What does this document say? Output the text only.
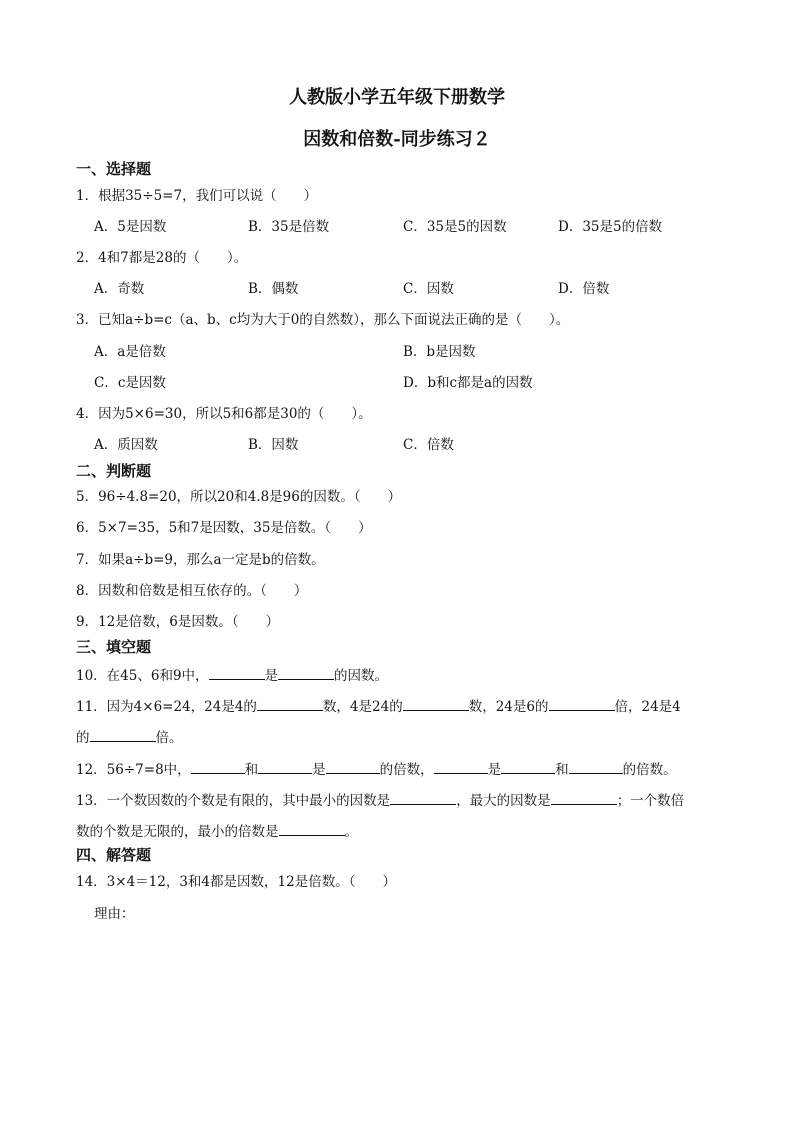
人教版小学五年级下册数学
因数和倍数-同步练习２
一、选择题
1．根据35÷5=7，我们可以说（　　）
A．5是因数	B．35是倍数	C．35是5的因数	D．35是5的倍数
2．4和7都是28的（　　）。
A．奇数	B．偶数	C．因数	D．倍数
3．已知a÷b=c（a、b、c均为大于0的自然数），那么下面说法正确的是（　　）。
A．a是倍数	B．b是因数
C．c是因数	D．b和c都是a的因数
4．因为5×6=30，所以5和6都是30的（　　）。
A．质因数	B．因数	C．倍数
二、判断题
5．96÷4.8=20，所以20和4.8是96的因数。（　　）
6．5×7=35，5和7是因数，35是倍数。（　　）
7．如果a÷b=9，那么a一定是b的倍数。
8．因数和倍数是相互依存的。（　　）
9．12是倍数，6是因数。（　　）
三、填空题
10．在45、6和9中，	是	的因数。
11．因为4×6=24，24是4的	数，4是24的	数，24是6的	倍，24是4
的	倍。
12．56÷7=8中，	和	是	的倍数，	是	和	的倍数。
13．一个数因数的个数是有限的，其中最小的因数是	，最大的因数是	；一个数倍
数的个数是无限的，最小的倍数是	。
四、解答题
14．3×4＝12，3和4都是因数，12是倍数。（　　）
理由：
